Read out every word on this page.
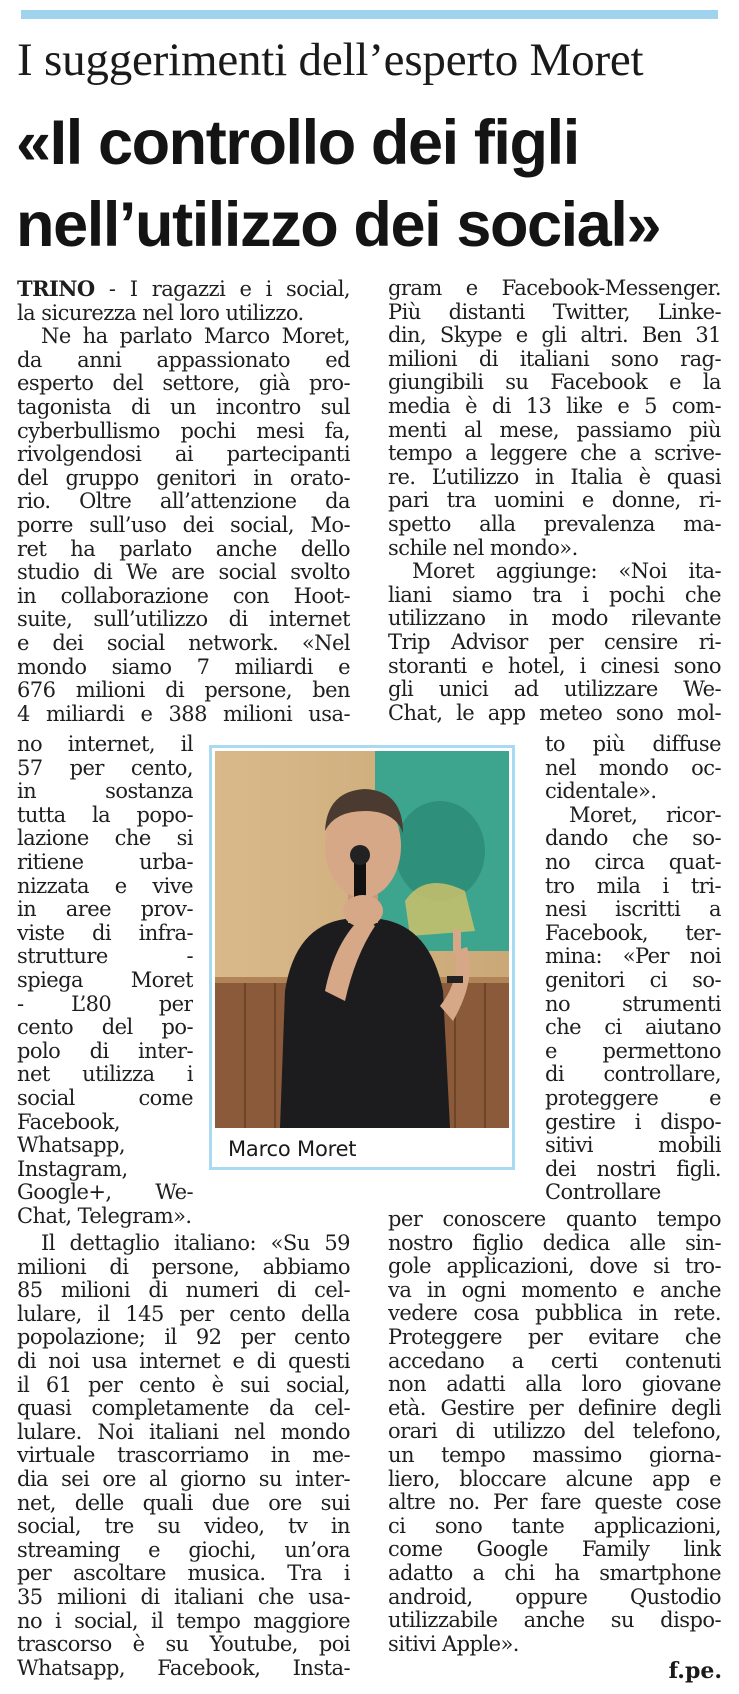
I suggerimenti dell’esperto Moret
«Il controllo dei figli
nell’utilizzo dei social»
TRINO - I ragazzi e i social,
la sicurezza nel loro utilizzo.
Ne ha parlato Marco Moret,
da anni appassionato ed
esperto del settore, già pro-
tagonista di un incontro sul
cyberbullismo pochi mesi fa,
rivolgendosi ai partecipanti
del gruppo genitori in orato-
rio. Oltre all’attenzione da
porre sull’uso dei social, Mo-
ret ha parlato anche dello
studio di We are social svolto
in collaborazione con Hoot-
suite, sull’utilizzo di internet
e dei social network. «Nel
mondo siamo 7 miliardi e
676 milioni di persone, ben
4 miliardi e 388 milioni usa-
no internet, il
57 per cento,
in sostanza
tutta la popo-
lazione che si
ritiene urba-
nizzata e vive
in aree prov-
viste di infra-
strutture -
spiega Moret
- L’80 per
cento del po-
polo di inter-
net utilizza i
social come
Facebook,
Whatsapp,
Instagram,
Google+, We-
Chat, Telegram».
Il dettaglio italiano: «Su 59
milioni di persone, abbiamo
85 milioni di numeri di cel-
lulare, il 145 per cento della
popolazione; il 92 per cento
di noi usa internet e di questi
il 61 per cento è sui social,
quasi completamente da cel-
lulare. Noi italiani nel mondo
virtuale trascorriamo in me-
dia sei ore al giorno su inter-
net, delle quali due ore sui
social, tre su video, tv in
streaming e giochi, un’ora
per ascoltare musica. Tra i
35 milioni di italiani che usa-
no i social, il tempo maggiore
trascorso è su Youtube, poi
Whatsapp, Facebook, Insta-
gram e Facebook-Messenger.
Più distanti Twitter, Linke-
din, Skype e gli altri. Ben 31
milioni di italiani sono rag-
giungibili su Facebook e la
media è di 13 like e 5 com-
menti al mese, passiamo più
tempo a leggere che a scrive-
re. L’utilizzo in Italia è quasi
pari tra uomini e donne, ri-
spetto alla prevalenza ma-
schile nel mondo».
Moret aggiunge: «Noi ita-
liani siamo tra i pochi che
utilizzano in modo rilevante
Trip Advisor per censire ri-
storanti e hotel, i cinesi sono
gli unici ad utilizzare We-
Chat, le app meteo sono mol-
to più diffuse
nel mondo oc-
cidentale».
Moret, ricor-
dando che so-
no circa quat-
tro mila i tri-
nesi iscritti a
Facebook, ter-
mina: «Per noi
genitori ci so-
no strumenti
che ci aiutano
e permettono
di controllare,
proteggere e
gestire i dispo-
sitivi mobili
dei nostri figli.
Controllare
per conoscere quanto tempo
nostro figlio dedica alle sin-
gole applicazioni, dove si tro-
va in ogni momento e anche
vedere cosa pubblica in rete.
Proteggere per evitare che
accedano a certi contenuti
non adatti alla loro giovane
età. Gestire per definire degli
orari di utilizzo del telefono,
un tempo massimo giorna-
liero, bloccare alcune app e
altre no. Per fare queste cose
ci sono tante applicazioni,
come Google Family link
adatto a chi ha smartphone
android, oppure Qustodio
utilizzabile anche su dispo-
sitivi Apple».
Marco Moret
f.pe.
